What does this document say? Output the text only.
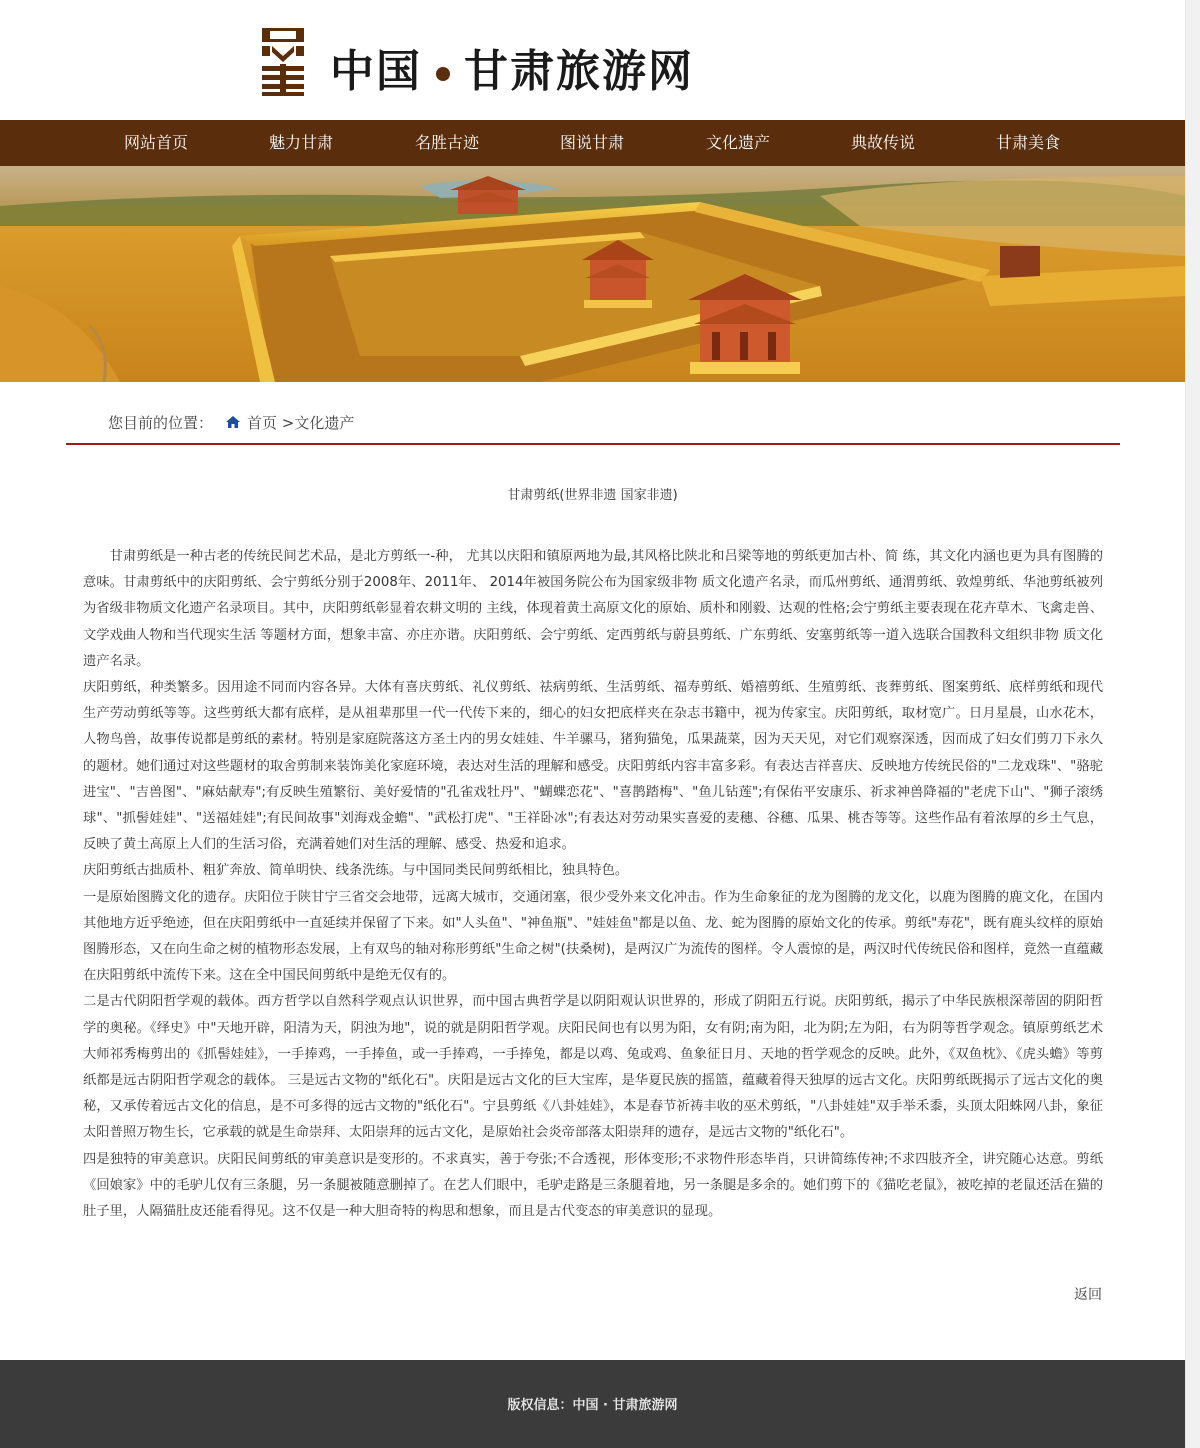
中国 甘肃旅游网
网站首页	魅力甘肃	名胜古迹	图说甘肃	文化遗产	典故传说	甘肃美食
您目前的位置： 首页 >文化遗产
甘肃剪纸(世界非遗 国家非遗)

甘肃剪纸是一种古老的传统民间艺术品，是北方剪纸一-种， 尤其以庆阳和镇原两地为最,其风格比陕北和吕梁等地的剪纸更加古朴、简 练，其文化内涵也更为具有图腾的意味。甘肃剪纸中的庆阳剪纸、会宁剪纸分别于2008年、2011年、 2014年被国务院公布为国家级非物 质文化遗产名录，而瓜州剪纸、通渭剪纸、敦煌剪纸、华池剪纸被列为省级非物质文化遗产名录项目。其中，庆阳剪纸彰显着农耕文明的 主线，体现着黄土高原文化的原始、质朴和刚毅、达观的性格;会宁剪纸主要表现在花卉草木、飞禽走兽、 文学戏曲人物和当代现实生活 等题材方面，想象丰富、亦庄亦谐。庆阳剪纸、会宁剪纸、定西剪纸与蔚县剪纸、广东剪纸、安塞剪纸等一道入选联合国教科文组织非物 质文化遗产名录。

庆阳剪纸，种类繁多。因用途不同而内容各异。大体有喜庆剪纸、礼仪剪纸、祛病剪纸、生活剪纸、福寿剪纸、婚禧剪纸、生殖剪纸、丧葬剪纸、图案剪纸、底样剪纸和现代生产劳动剪纸等等。这些剪纸大都有底样，是从祖辈那里一代一代传下来的，细心的妇女把底样夹在杂志书籍中，视为传家宝。庆阳剪纸，取材宽广。日月星晨，山水花木，人物鸟兽，故事传说都是剪纸的素材。特别是家庭院落这方圣土内的男女娃娃、牛羊骡马，猪狗猫兔，瓜果蔬菜，因为天天见，对它们观察深透，因而成了妇女们剪刀下永久的题材。她们通过对这些题材的取舍剪制来装饰美化家庭环境，表达对生活的理解和感受。庆阳剪纸内容丰富多彩。有表达吉祥喜庆、反映地方传统民俗的"二龙戏珠"、"骆驼进宝"、"吉兽图"、"麻姑献寿";有反映生殖繁衍、美好爱情的"孔雀戏牡丹"、"蝴蝶恋花"、"喜鹊踏梅"、"鱼儿钻莲";有保佑平安康乐、祈求神兽降福的"老虎下山"、"狮子滚绣球"、"抓髻娃娃"、"送福娃娃";有民间故事"刘海戏金蟾"、"武松打虎"、"王祥卧冰";有表达对劳动果实喜爱的麦穗、谷穗、瓜果、桃杏等等。这些作品有着浓厚的乡土气息，反映了黄土高原上人们的生活习俗，充满着她们对生活的理解、感受、热爱和追求。

庆阳剪纸古拙质朴、粗犷奔放、简单明快、线条洗练。与中国同类民间剪纸相比，独具特色。

一是原始图腾文化的遗存。庆阳位于陕甘宁三省交会地带，远离大城市，交通闭塞，很少受外来文化冲击。作为生命象征的龙为图腾的龙文化，以鹿为图腾的鹿文化，在国内其他地方近乎绝迹，但在庆阳剪纸中一直延续并保留了下来。如"人头鱼"、"神鱼瓶"、"娃娃鱼"都是以鱼、龙、蛇为图腾的原始文化的传承。剪纸"寿花"，既有鹿头纹样的原始图腾形态，又在向生命之树的植物形态发展，上有双鸟的轴对称形剪纸"生命之树"(扶桑树)，是两汉广为流传的图样。令人震惊的是，两汉时代传统民俗和图样，竟然一直蕴藏在庆阳剪纸中流传下来。这在全中国民间剪纸中是绝无仅有的。

二是古代阴阳哲学观的载体。西方哲学以自然科学观点认识世界，而中国古典哲学是以阴阳观认识世界的，形成了阴阳五行说。庆阳剪纸，揭示了中华民族根深蒂固的阴阳哲学的奥秘。《绎史》中"天地开辟，阳清为天，阴浊为地"，说的就是阴阳哲学观。庆阳民间也有以男为阳，女有阴;南为阳，北为阴;左为阳，右为阴等哲学观念。镇原剪纸艺术大师祁秀梅剪出的《抓髻娃娃》，一手捧鸡，一手捧鱼，或一手捧鸡，一手捧兔，都是以鸡、兔或鸡、鱼象征日月、天地的哲学观念的反映。此外，《双鱼枕》、《虎头蟾》等剪纸都是远古阴阳哲学观念的载体。 三是远古文物的"纸化石"。庆阳是远古文化的巨大宝库，是华夏民族的摇篮，蕴藏着得天独厚的远古文化。庆阳剪纸既揭示了远古文化的奥秘，又承传着远古文化的信息，是不可多得的远古文物的"纸化石"。宁县剪纸《八卦娃娃》，本是春节祈祷丰收的巫术剪纸，"八卦娃娃"双手举禾黍，头顶太阳蛛网八卦，象征太阳普照万物生长，它承载的就是生命崇拜、太阳崇拜的远古文化，是原始社会炎帝部落太阳崇拜的遗存，是远古文物的"纸化石"。

四是独特的审美意识。庆阳民间剪纸的审美意识是变形的。不求真实，善于夸张;不合透视，形体变形;不求物件形态毕肖，只讲简练传神;不求四肢齐全，讲究随心达意。剪纸《回娘家》中的毛驴儿仅有三条腿，另一条腿被随意删掉了。在艺人们眼中，毛驴走路是三条腿着地，另一条腿是多余的。她们剪下的《猫吃老鼠》，被吃掉的老鼠还活在猫的肚子里，人隔猫肚皮还能看得见。这不仅是一种大胆奇特的构思和想象，而且是古代变态的审美意识的显现。

返回
版权信息：中国 · 甘肃旅游网
